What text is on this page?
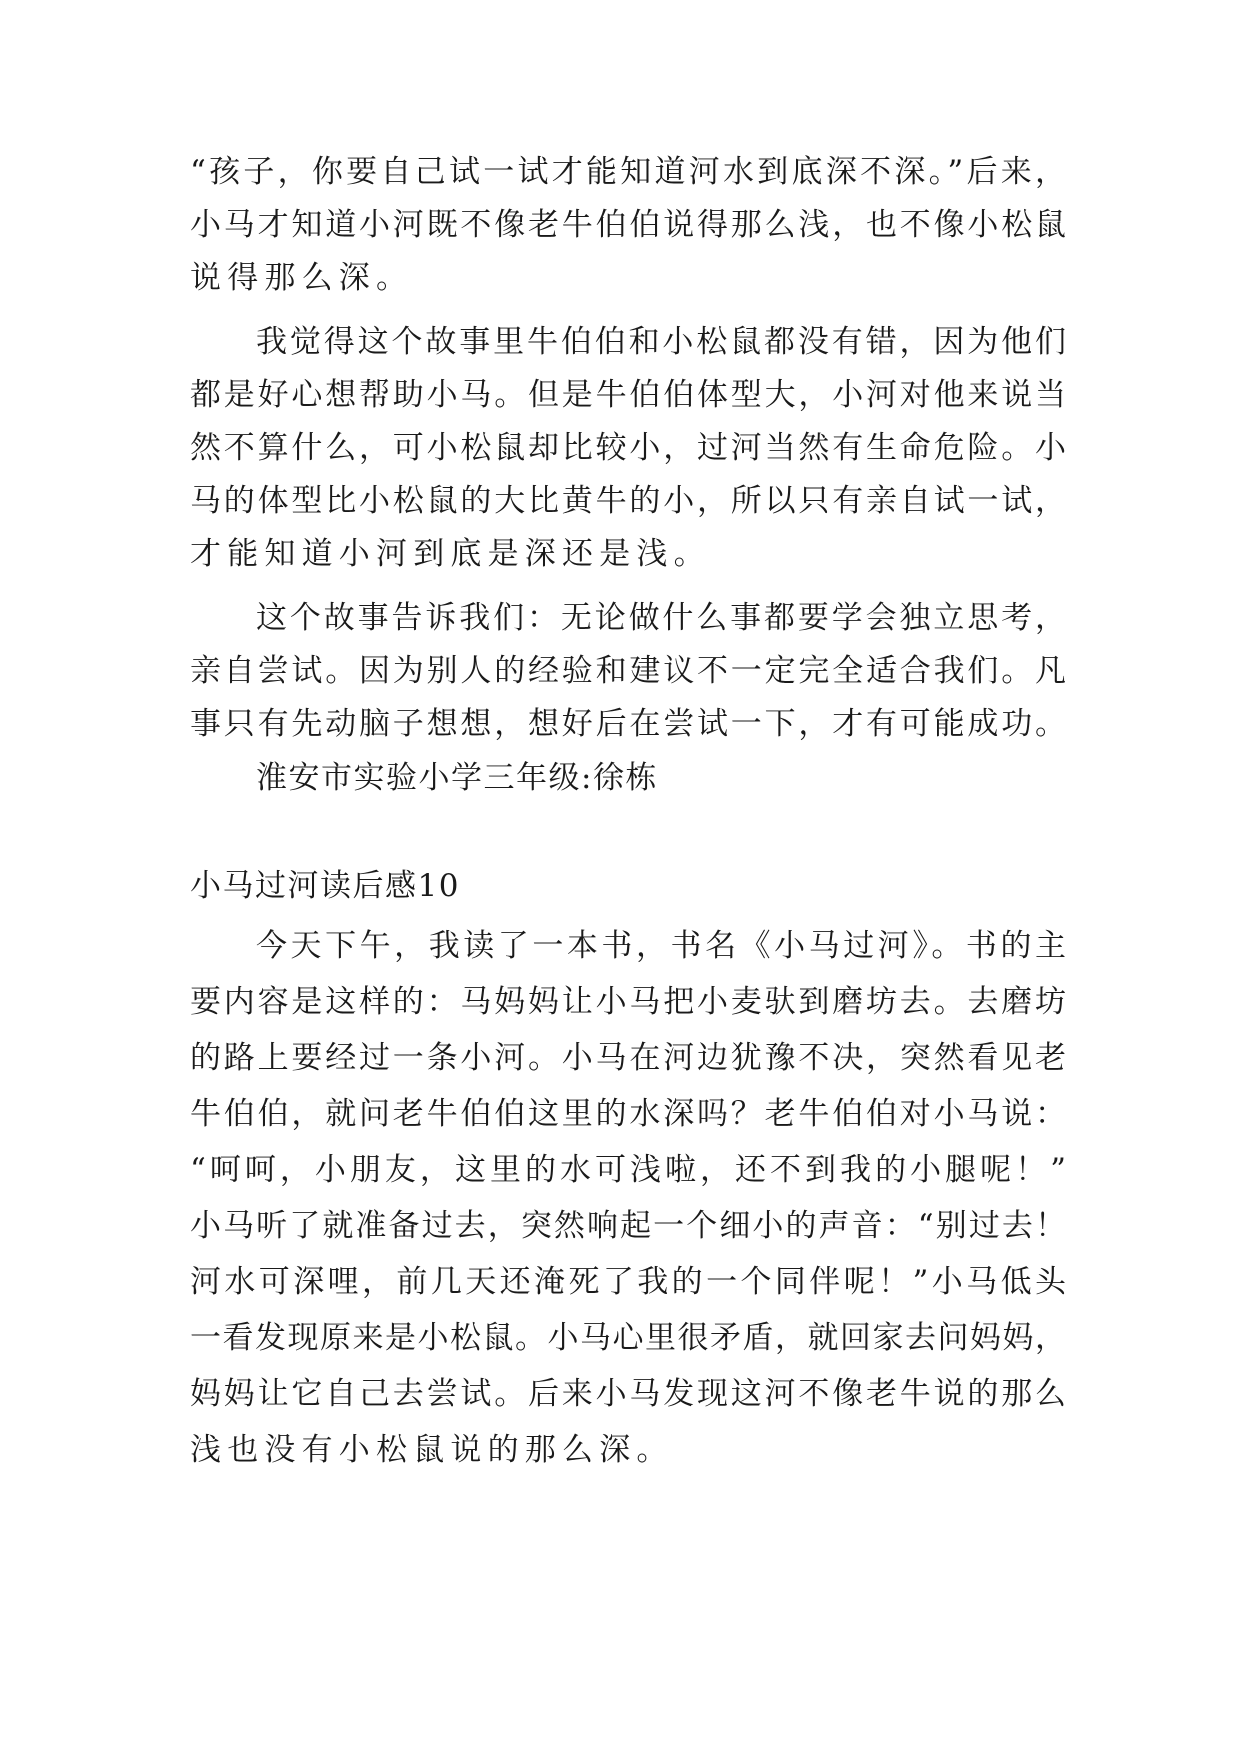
“孩子，你要自己试一试才能知道河水到底深不深。”后来，
小马才知道小河既不像老牛伯伯说得那么浅，也不像小松鼠
说得那么深。
我觉得这个故事里牛伯伯和小松鼠都没有错，因为他们
都是好心想帮助小马。但是牛伯伯体型大，小河对他来说当
然不算什么，可小松鼠却比较小，过河当然有生命危险。小
马的体型比小松鼠的大比黄牛的小，所以只有亲自试一试，
才能知道小河到底是深还是浅。
这个故事告诉我们：无论做什么事都要学会独立思考，
亲自尝试。因为别人的经验和建议不一定完全适合我们。凡
事只有先动脑子想想，想好后在尝试一下，才有可能成功。
淮安市实验小学三年级:徐栋
小马过河读后感10
今天下午，我读了一本书，书名《小马过河》。书的主
要内容是这样的：马妈妈让小马把小麦驮到磨坊去。去磨坊
的路上要经过一条小河。小马在河边犹豫不决，突然看见老
牛伯伯，就问老牛伯伯这里的水深吗？老牛伯伯对小马说：
“呵呵，小朋友，这里的水可浅啦，还不到我的小腿呢！”
小马听了就准备过去，突然响起一个细小的声音：“别过去！
河水可深哩，前几天还淹死了我的一个同伴呢！”小马低头
一看发现原来是小松鼠。小马心里很矛盾，就回家去问妈妈，
妈妈让它自己去尝试。后来小马发现这河不像老牛说的那么
浅也没有小松鼠说的那么深。
